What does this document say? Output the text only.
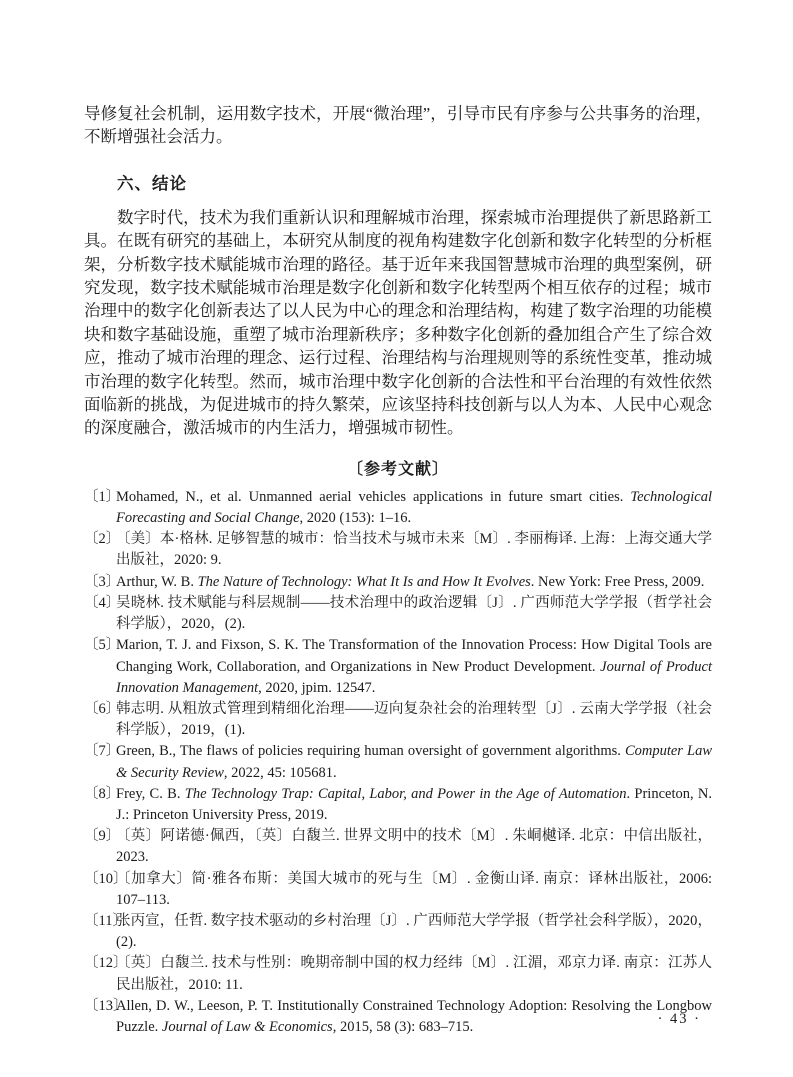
导修复社会机制，运用数字技术，开展“微治理”，引导市民有序参与公共事务的治理，不断增强社会活力。

六、结论

数字时代，技术为我们重新认识和理解城市治理，探索城市治理提供了新思路新工具。在既有研究的基础上，本研究从制度的视角构建数字化创新和数字化转型的分析框架，分析数字技术赋能城市治理的路径。基于近年来我国智慧城市治理的典型案例，研究发现，数字技术赋能城市治理是数字化创新和数字化转型两个相互依存的过程；城市治理中的数字化创新表达了以人民为中心的理念和治理结构，构建了数字治理的功能模块和数字基础设施，重塑了城市治理新秩序；多种数字化创新的叠加组合产生了综合效应，推动了城市治理的理念、运行过程、治理结构与治理规则等的系统性变革，推动城市治理的数字化转型。然而，城市治理中数字化创新的合法性和平台治理的有效性依然面临新的挑战，为促进城市的持久繁荣，应该坚持科技创新与以人为本、人民中心观念的深度融合，激活城市的内生活力，增强城市韧性。

〔参考文献〕
〔1〕
Mohamed, N., et al. Unmanned aerial vehicles applications in future smart cities. Technological Forecasting and Social Change, 2020 (153): 1–16.
〔2〕
〔美〕本·格林. 足够智慧的城市：恰当技术与城市未来〔M〕. 李丽梅译. 上海：上海交通大学出版社，2020: 9.
〔3〕
Arthur, W. B. The Nature of Technology: What It Is and How It Evolves. New York: Free Press, 2009.
〔4〕
吴晓林. 技术赋能与科层规制——技术治理中的政治逻辑〔J〕. 广西师范大学学报（哲学社会科学版），2020，(2).
〔5〕
Marion, T. J. and Fixson, S. K. The Transformation of the Innovation Process: How Digital Tools are Changing Work, Collaboration, and Organizations in New Product Development. Journal of Product Innovation Management, 2020, jpim. 12547.
〔6〕
韩志明. 从粗放式管理到精细化治理——迈向复杂社会的治理转型〔J〕. 云南大学学报（社会科学版），2019，(1).
〔7〕
Green, B., The flaws of policies requiring human oversight of government algorithms. Computer Law & Security Review, 2022, 45: 105681.
〔8〕
Frey, C. B. The Technology Trap: Capital, Labor, and Power in the Age of Automation. Princeton, N. J.: Princeton University Press, 2019.
〔9〕
〔英〕阿诺德·佩西，〔英〕白馥兰. 世界文明中的技术〔M〕. 朱峒樾译. 北京：中信出版社，2023.
〔10〕
〔加拿大〕简·雅各布斯：美国大城市的死与生〔M〕. 金衡山译. 南京：译林出版社，2006: 107–113.
〔11〕
张丙宣，任哲. 数字技术驱动的乡村治理〔J〕. 广西师范大学学报（哲学社会科学版），2020，(2).
〔12〕
〔英〕白馥兰. 技术与性别：晚期帝制中国的权力经纬〔M〕. 江湄，邓京力译. 南京：江苏人民出版社，2010: 11.
〔13〕
Allen, D. W., Leeson, P. T. Institutionally Constrained Technology Adoption: Resolving the Longbow Puzzle. Journal of Law & Economics, 2015, 58 (3): 683–715.	· 43 ·
